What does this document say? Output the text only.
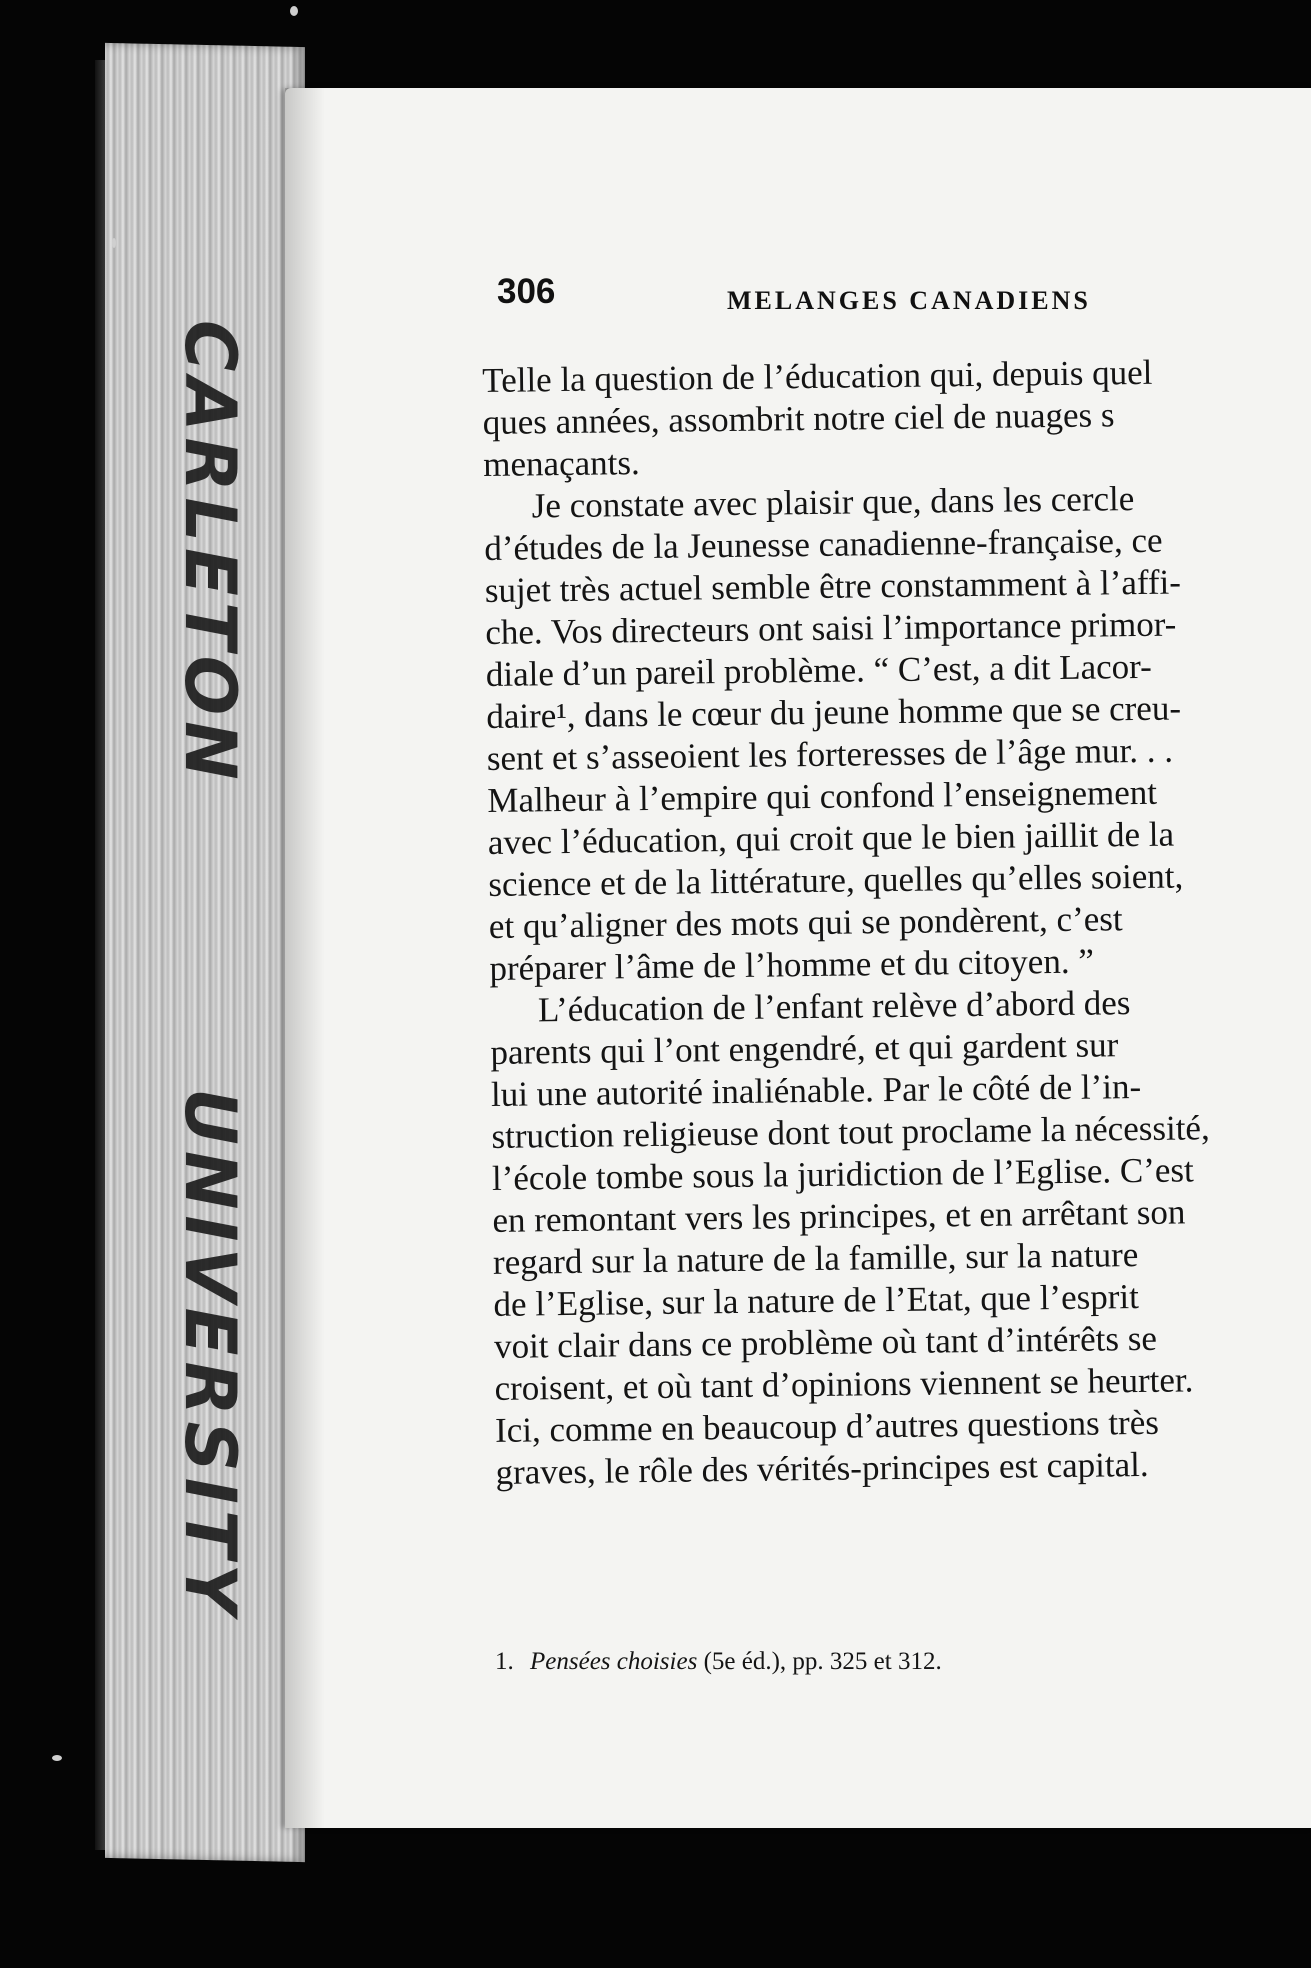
CARLETON
UNIVERSITY
306	MELANGES CANADIENS
Telle la question de l’éducation qui, depuis quel
ques années, assombrit notre ciel de nuages s
menaçants.
Je constate avec plaisir que, dans les cercle
d’études de la Jeunesse canadienne-française, ce
sujet très actuel semble être constamment à l’affi-
che. Vos directeurs ont saisi l’importance primor-
diale d’un pareil problème. “ C’est, a dit Lacor-
daire¹, dans le cœur du jeune homme que se creu-
sent et s’asseoient les forteresses de l’âge mur. . .
Malheur à l’empire qui confond l’enseignement
avec l’éducation, qui croit que le bien jaillit de la
science et de la littérature, quelles qu’elles soient,
et qu’aligner des mots qui se pondèrent, c’est
préparer l’âme de l’homme et du citoyen. ”
L’éducation de l’enfant relève d’abord des
parents qui l’ont engendré, et qui gardent sur
lui une autorité inaliénable. Par le côté de l’in-
struction religieuse dont tout proclame la nécessité,
l’école tombe sous la juridiction de l’Eglise. C’est
en remontant vers les principes, et en arrêtant son
regard sur la nature de la famille, sur la nature
de l’Eglise, sur la nature de l’Etat, que l’esprit
voit clair dans ce problème où tant d’intérêts se
croisent, et où tant d’opinions viennent se heurter.
Ici, comme en beaucoup d’autres questions très
graves, le rôle des vérités-principes est capital.
1. Pensées choisies (5e éd.), pp. 325 et 312.
